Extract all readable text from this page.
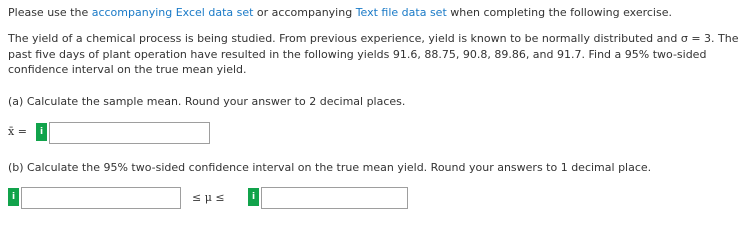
Please use the accompanying Excel data set or accompanying Text file data set when completing the following exercise.
The yield of a chemical process is being studied. From previous experience, yield is known to be normally distributed and σ = 3. The past five days of plant operation have resulted in the following yields 91.6, 88.75, 90.8, 89.86, and 91.7. Find a 95% two-sided confidence interval on the true mean yield.
(a) Calculate the sample mean. Round your answer to 2 decimal places.
x̄ =	i
(b) Calculate the 95% two-sided confidence interval on the true mean yield. Round your answers to 1 decimal place.
i	≤ μ ≤	i
